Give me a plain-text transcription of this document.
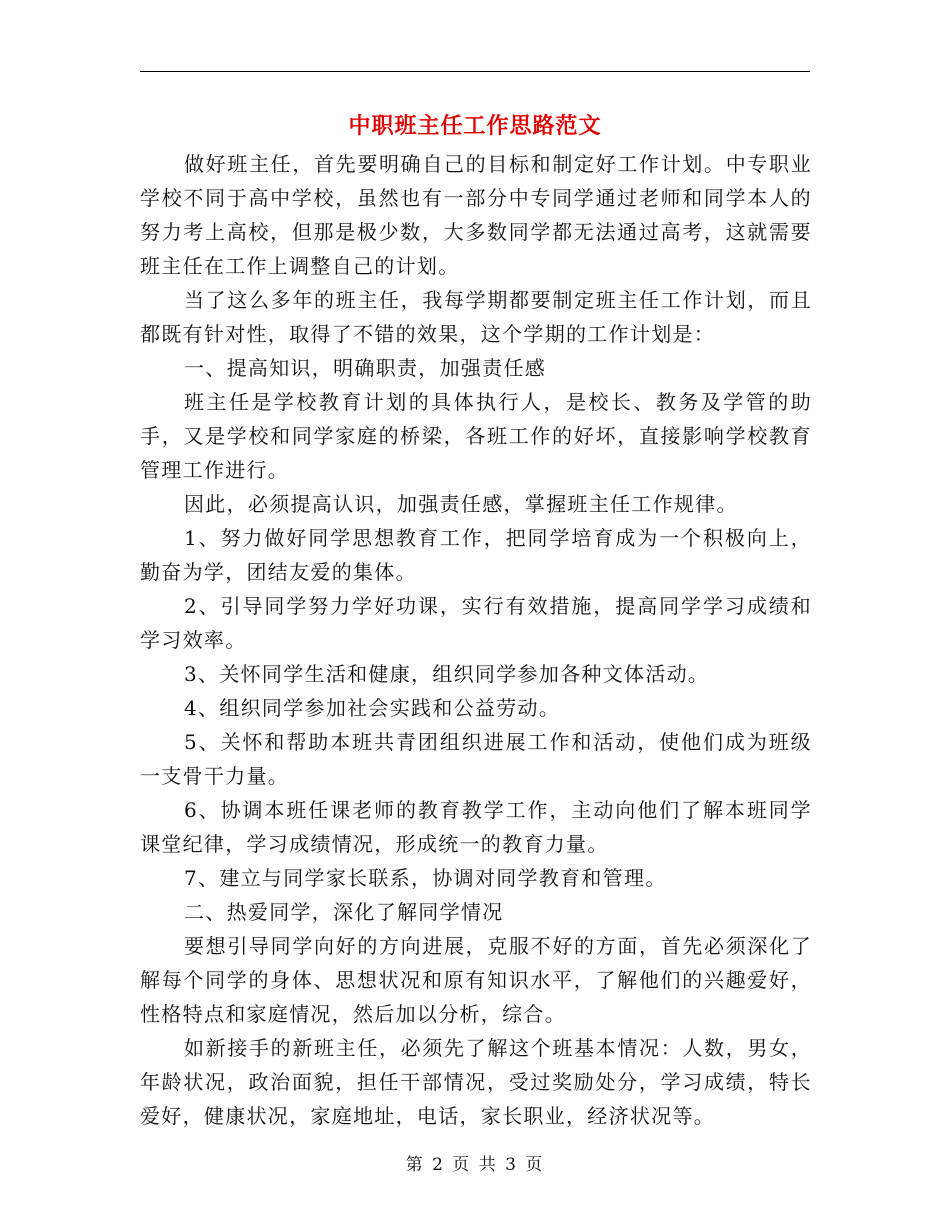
中职班主任工作思路范文

做好班主任，首先要明确自己的目标和制定好工作计划。中专职业学校不同于高中学校，虽然也有一部分中专同学通过老师和同学本人的努力考上高校，但那是极少数，大多数同学都无法通过高考，这就需要班主任在工作上调整自己的计划。

当了这么多年的班主任，我每学期都要制定班主任工作计划，而且都既有针对性，取得了不错的效果，这个学期的工作计划是：

一、提高知识，明确职责，加强责任感

班主任是学校教育计划的具体执行人，是校长、教务及学管的助手，又是学校和同学家庭的桥梁，各班工作的好坏，直接影响学校教育管理工作进行。

因此，必须提高认识，加强责任感，掌握班主任工作规律。

1、努力做好同学思想教育工作，把同学培育成为一个积极向上，勤奋为学，团结友爱的集体。

2、引导同学努力学好功课，实行有效措施，提高同学学习成绩和学习效率。

3、关怀同学生活和健康，组织同学参加各种文体活动。

4、组织同学参加社会实践和公益劳动。

5、关怀和帮助本班共青团组织进展工作和活动，使他们成为班级一支骨干力量。

6、协调本班任课老师的教育教学工作，主动向他们了解本班同学课堂纪律，学习成绩情况，形成统一的教育力量。

7、建立与同学家长联系，协调对同学教育和管理。

二、热爱同学，深化了解同学情况

要想引导同学向好的方向进展，克服不好的方面，首先必须深化了解每个同学的身体、思想状况和原有知识水平，了解他们的兴趣爱好，性格特点和家庭情况，然后加以分析，综合。

如新接手的新班主任，必须先了解这个班基本情况：人数，男女，年龄状况，政治面貌，担任干部情况，受过奖励处分，学习成绩，特长爱好，健康状况，家庭地址，电话，家长职业，经济状况等。

第 2 页 共 3 页
